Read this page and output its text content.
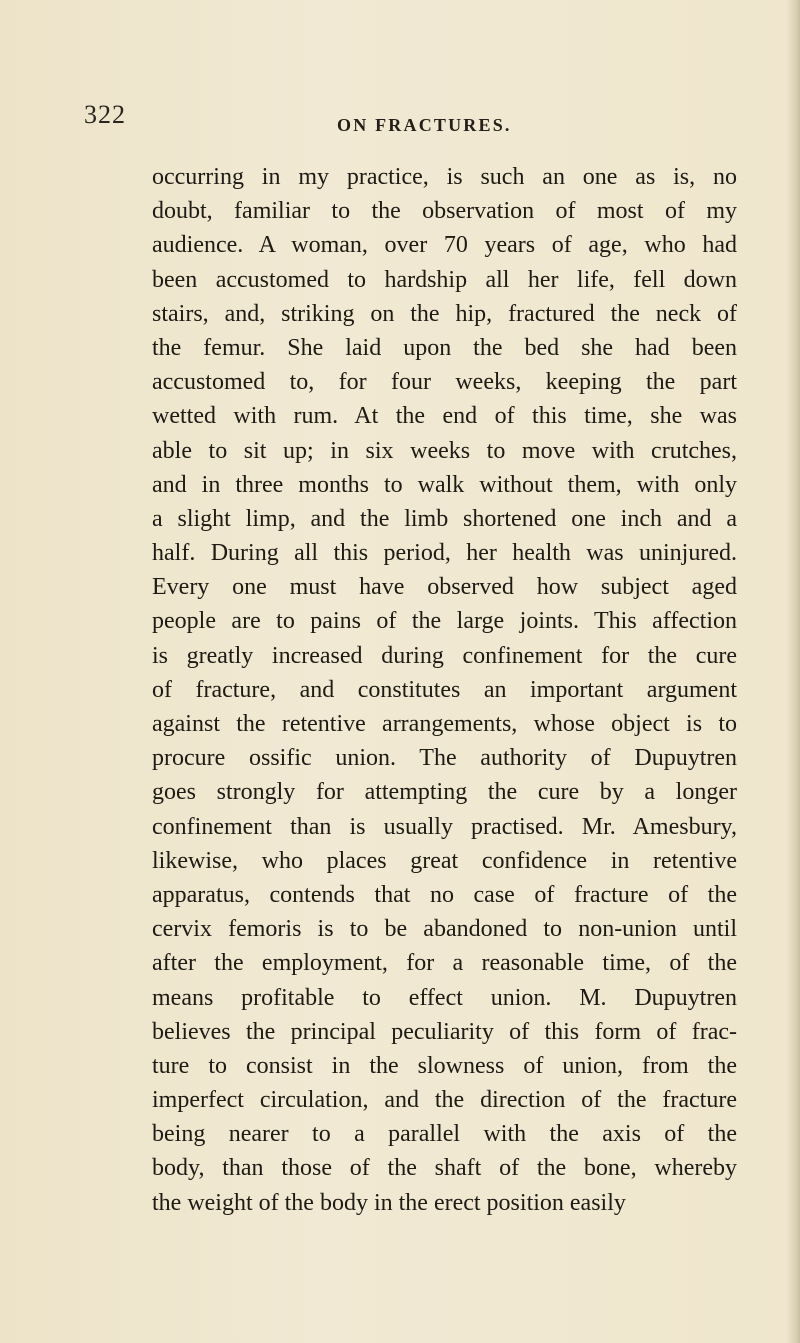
322	ON FRACTURES.
occurring in my practice, is such an one as is, no
doubt, familiar to the observation of most of my
audience. A woman, over 70 years of age, who had
been accustomed to hardship all her life, fell down
stairs, and, striking on the hip, fractured the neck of
the femur. She laid upon the bed she had been
accustomed to, for four weeks, keeping the part
wetted with rum. At the end of this time, she was
able to sit up; in six weeks to move with crutches,
and in three months to walk without them, with only
a slight limp, and the limb shortened one inch and a
half. During all this period, her health was uninjured.
Every one must have observed how subject aged
people are to pains of the large joints. This affection
is greatly increased during confinement for the cure
of fracture, and constitutes an important argument
against the retentive arrangements, whose object is to
procure ossific union. The authority of Dupuytren
goes strongly for attempting the cure by a longer
confinement than is usually practised. Mr. Amesbury,
likewise, who places great confidence in retentive
apparatus, contends that no case of fracture of the
cervix femoris is to be abandoned to non-union until
after the employment, for a reasonable time, of the
means profitable to effect union. M. Dupuytren
believes the principal peculiarity of this form of frac-
ture to consist in the slowness of union, from the
imperfect circulation, and the direction of the fracture
being nearer to a parallel with the axis of the
body, than those of the shaft of the bone, whereby
the weight of the body in the erect position easily
